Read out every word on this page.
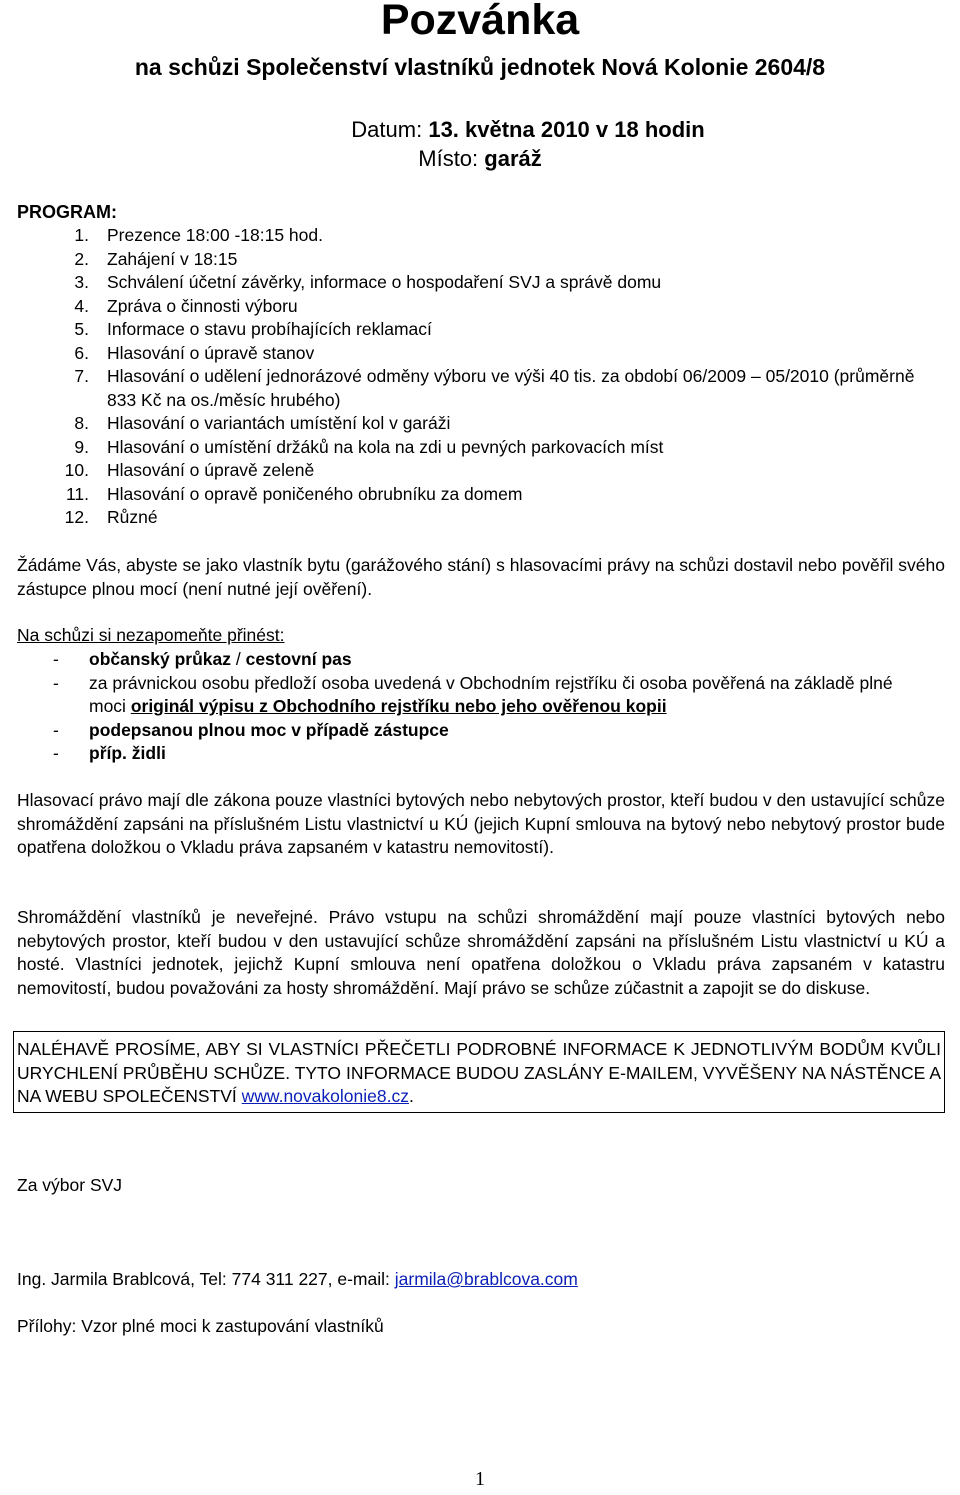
Pozvánka
na schůzi Společenství vlastníků jednotek Nová Kolonie 2604/8
Datum: 13. května 2010 v 18 hodin
Místo: garáž
PROGRAM:
1.	Prezence 18:00 -18:15 hod.
2.	Zahájení v 18:15
3.	Schválení účetní závěrky, informace o hospodaření SVJ a správě domu
4.	Zpráva o činnosti výboru
5.	Informace o stavu probíhajících reklamací
6.	Hlasování o úpravě stanov
7.	Hlasování o udělení jednorázové odměny výboru ve výši 40 tis. za období 06/2009 – 05/2010 (průměrně 833 Kč na os./měsíc hrubého)
8.	Hlasování o variantách umístění kol v garáži
9.	Hlasování o umístění držáků na kola na zdi u pevných parkovacích míst
10.	Hlasování o úpravě zeleně
11.	Hlasování o opravě poničeného obrubníku za domem
12.	Různé
Žádáme Vás, abyste se jako vlastník bytu (garážového stání) s hlasovacími právy na schůzi dostavil nebo pověřil svého zástupce plnou mocí (není nutné její ověření).
Na schůzi si nezapomeňte přinést:
-	občanský průkaz / cestovní pas
-	za právnickou osobu předloží osoba uvedená v Obchodním rejstříku či osoba pověřená na základě plné moci originál výpisu z Obchodního rejstříku nebo jeho ověřenou kopii
-	podepsanou plnou moc v případě zástupce
-	příp. židli
Hlasovací právo mají dle zákona pouze vlastníci bytových nebo nebytových prostor, kteří budou v den ustavující schůze shromáždění zapsáni na příslušném Listu vlastnictví u KÚ (jejich Kupní smlouva na bytový nebo nebytový prostor bude opatřena doložkou o Vkladu práva zapsaném v katastru nemovitostí).
Shromáždění vlastníků je neveřejné. Právo vstupu na schůzi shromáždění mají pouze vlastníci bytových nebo nebytových prostor, kteří budou v den ustavující schůze shromáždění zapsáni na příslušném Listu vlastnictví u KÚ a hosté. Vlastníci jednotek, jejichž Kupní smlouva není opatřena doložkou o Vkladu práva zapsaném v katastru nemovitostí, budou považováni za hosty shromáždění. Mají právo se schůze zúčastnit a zapojit se do diskuse.
NALÉHAVĚ PROSÍME, ABY SI VLASTNÍCI PŘEČETLI PODROBNÉ INFORMACE K JEDNOTLIVÝM BODŮM KVŮLI URYCHLENÍ PRŮBĚHU SCHŮZE. TYTO INFORMACE BUDOU ZASLÁNY E-MAILEM, VYVĚŠENY NA NÁSTĚNCE A NA WEBU SPOLEČENSTVÍ www.novakolonie8.cz.
Za výbor SVJ
Ing. Jarmila Brablcová, Tel: 774 311 227, e-mail: jarmila@brablcova.com
Přílohy: Vzor plné moci k zastupování vlastníků
1
